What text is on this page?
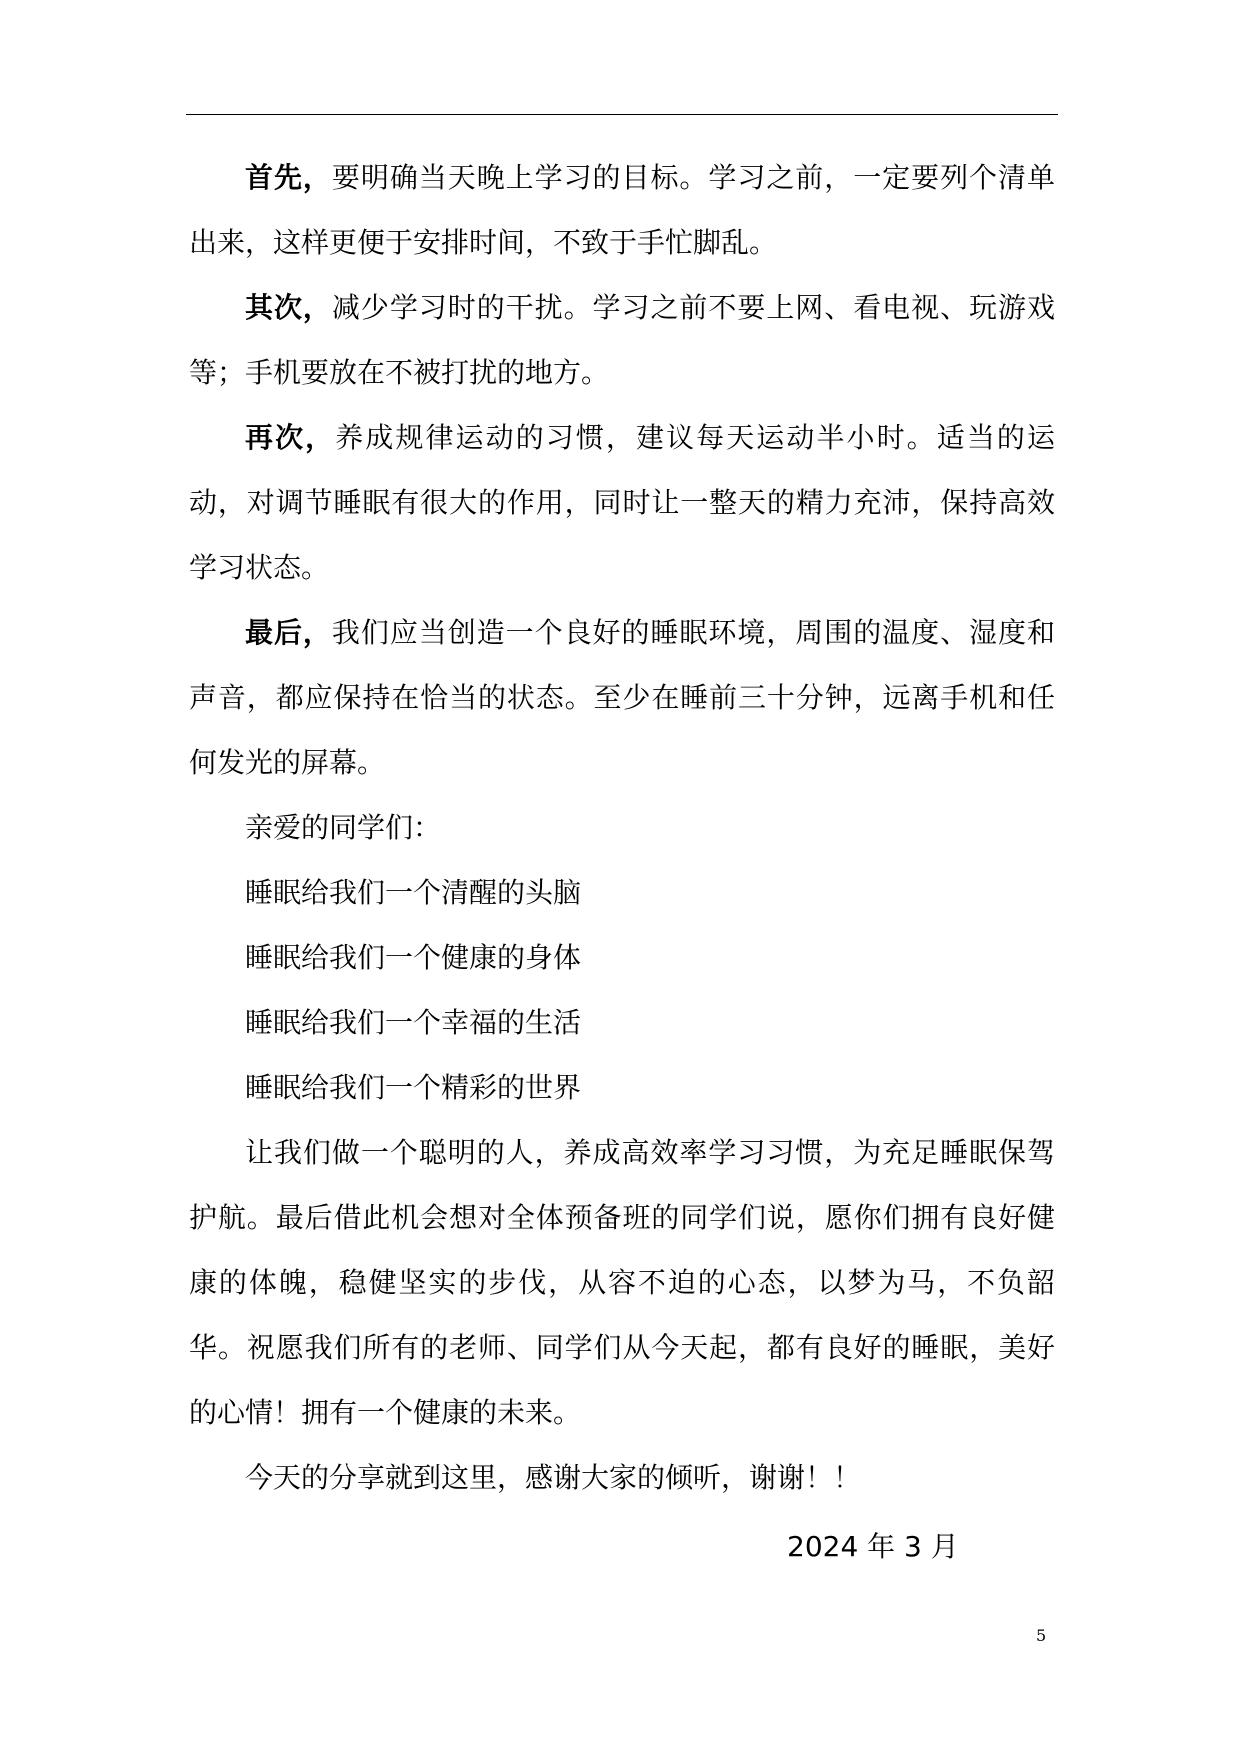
首先，要明确当天晚上学习的目标。学习之前，一定要列个清单出来，这样更便于安排时间，不致于手忙脚乱。

其次，减少学习时的干扰。学习之前不要上网、看电视、玩游戏等；手机要放在不被打扰的地方。

再次，养成规律运动的习惯，建议每天运动半小时。适当的运动，对调节睡眠有很大的作用，同时让一整天的精力充沛，保持高效学习状态。

最后，我们应当创造一个良好的睡眠环境，周围的温度、湿度和声音，都应保持在恰当的状态。至少在睡前三十分钟，远离手机和任何发光的屏幕。

亲爱的同学们：

睡眠给我们一个清醒的头脑

睡眠给我们一个健康的身体

睡眠给我们一个幸福的生活

睡眠给我们一个精彩的世界

让我们做一个聪明的人，养成高效率学习习惯，为充足睡眠保驾护航。最后借此机会想对全体预备班的同学们说，愿你们拥有良好健康的体魄，稳健坚实的步伐，从容不迫的心态，以梦为马，不负韶华。祝愿我们所有的老师、同学们从今天起，都有良好的睡眠，美好的心情！拥有一个健康的未来。

今天的分享就到这里，感谢大家的倾听，谢谢！！

2024 年 3 月
5
